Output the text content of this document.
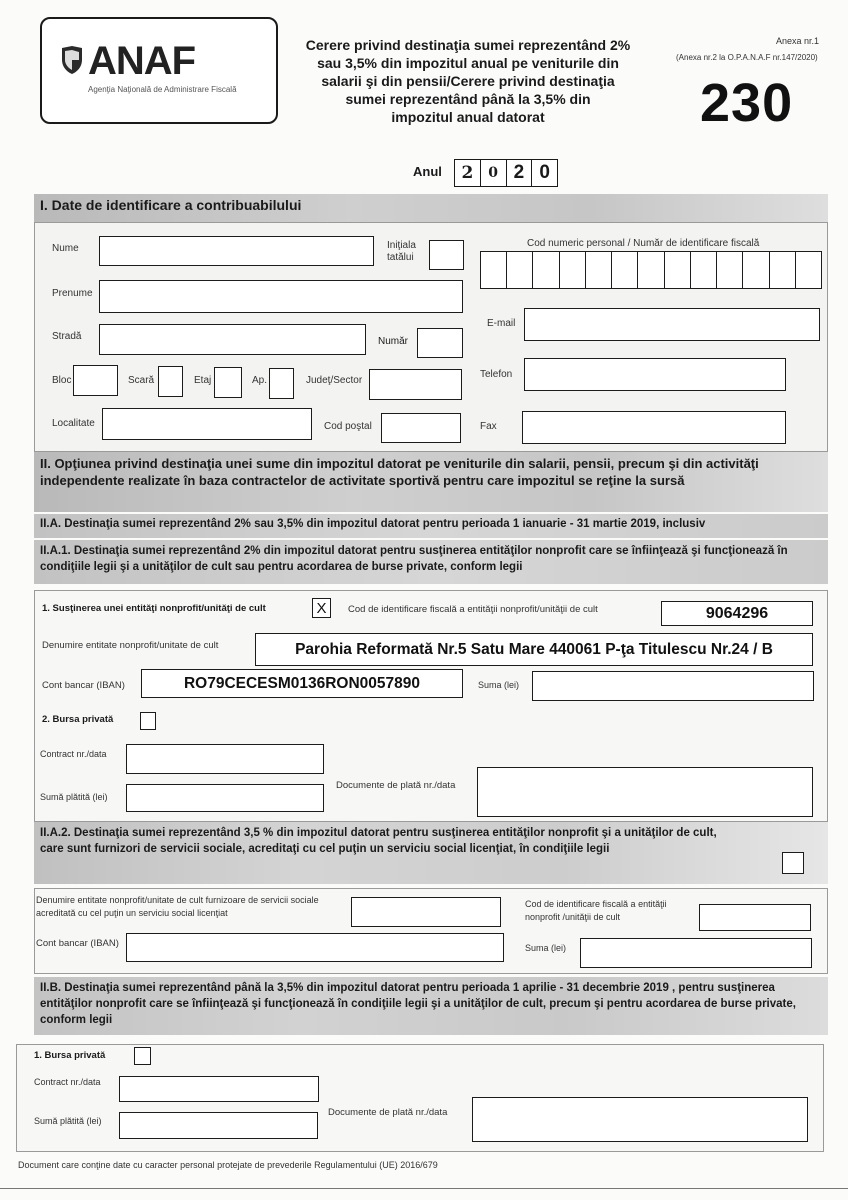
ANAF
Agenţia Naţională de Administrare Fiscală
Cerere privind destinaţia sumei reprezentând 2%
sau 3,5% din impozitul anual pe veniturile din
salarii şi din pensii/Cerere privind destinaţia
sumei reprezentând până la 3,5% din
impozitul anual datorat
Anexa nr.1
(Anexa nr.2 la O.P.A.N.A.F nr.147/2020)
230
Anul	2	0 2 0
I. Date de identificare a contribuabilului
Nume	Iniţiala tatălui
Prenume
Stradă	Număr
Bloc	Scară	Etaj	Ap.	Judeţ/Sector
Localitate	Cod poştal
Cod numeric personal / Număr de identificare fiscală
E-mail
Telefon
Fax
II. Opţiunea privind destinaţia unei sume din impozitul datorat pe veniturile din salarii, pensii, precum şi din activităţi independente realizate în baza contractelor de activitate sportivă pentru care impozitul se reţine la sursă
II.A. Destinaţia sumei reprezentând 2% sau 3,5% din impozitul datorat pentru perioada 1 ianuarie - 31 martie 2019, inclusiv
II.A.1. Destinaţia sumei reprezentând 2% din impozitul datorat pentru susţinerea entităţilor nonprofit care se înfiinţează şi funcţionează în condiţiile legii şi a unităţilor de cult sau pentru acordarea de burse private, conform legii
1. Susţinerea unei entităţi nonprofit/unităţi de cult	X	Cod de identificare fiscală a entităţii nonprofit/unităţii de cult	9064296
Denumire entitate nonprofit/unitate de cult	Parohia Reformată Nr.5 Satu Mare 440061 P-ţa Titulescu Nr.24 / B
Cont bancar (IBAN)	RO79CECESM0136RON0057890	Suma (lei)
2. Bursa privată
Contract nr./data
Sumă plătită (lei)
Documente de plată nr./data
II.A.2. Destinaţia sumei reprezentând 3,5 % din impozitul datorat pentru susţinerea entităţilor nonprofit şi a unităţilor de cult, care sunt furnizori de servicii sociale, acreditaţi cu cel puţin un serviciu social licenţiat, în condiţiile legii
Denumire entitate nonprofit/unitate de cult furnizoare de servicii sociale acreditată cu cel puţin un serviciu social licenţiat
Cod de identificare fiscală a entităţii nonprofit /unităţii de cult
Cont bancar (IBAN)	Suma (lei)
II.B. Destinaţia sumei reprezentând până la 3,5% din impozitul datorat pentru perioada 1 aprilie - 31 decembrie 2019 , pentru susţinerea entităţilor nonprofit care se înfiinţează şi funcţionează în condiţiile legii şi a unităţilor de cult, precum şi pentru acordarea de burse private, conform legii
1. Bursa privată
Contract nr./data
Sumă plătită (lei)
Documente de plată nr./data
Document care conţine date cu caracter personal protejate de prevederile Regulamentului (UE) 2016/679
